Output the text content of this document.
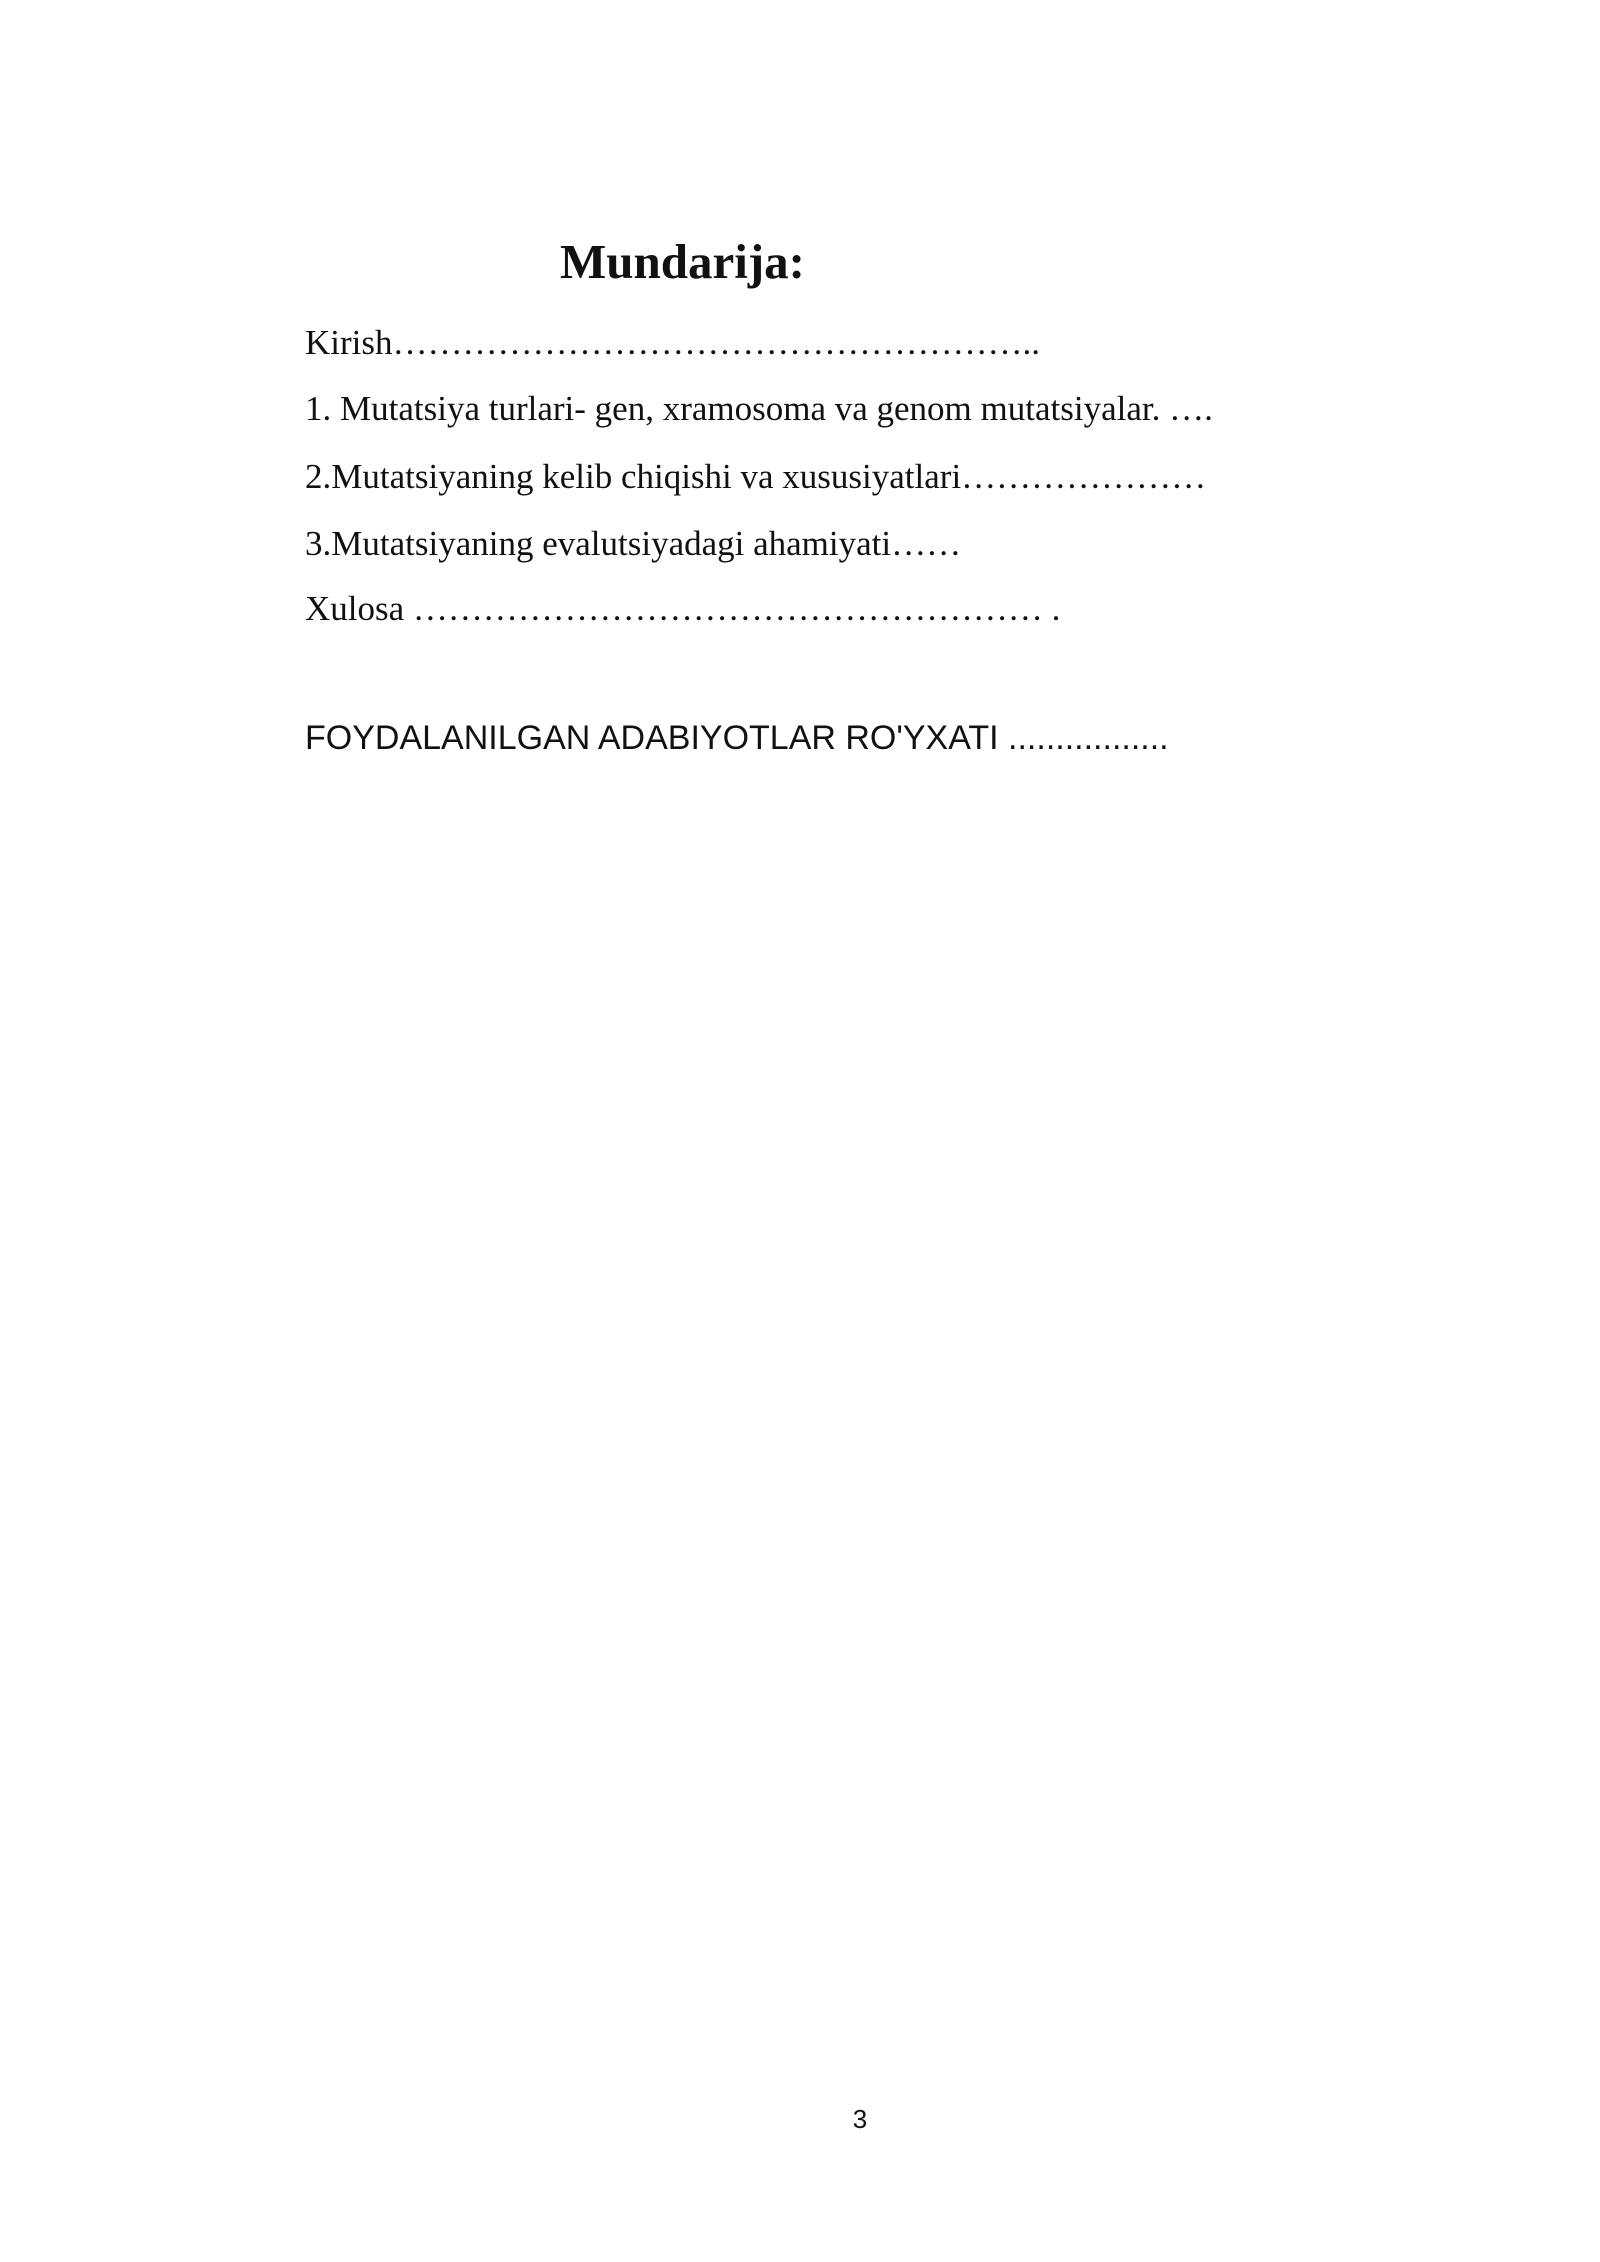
Mundarija:
Kirish………………………………………………..
1. Mutatsiya turlari- gen, xramosoma va genom mutatsiyalar. ….
2.Mutatsiyaning kelib chiqishi va xususiyatlari…………………
3.Mutatsiyaning evalutsiyadagi ahamiyati……
Xulosa ……………………………………………… .
FOYDALANILGAN ADABIYOTLAR RO'YXATI .................
3
